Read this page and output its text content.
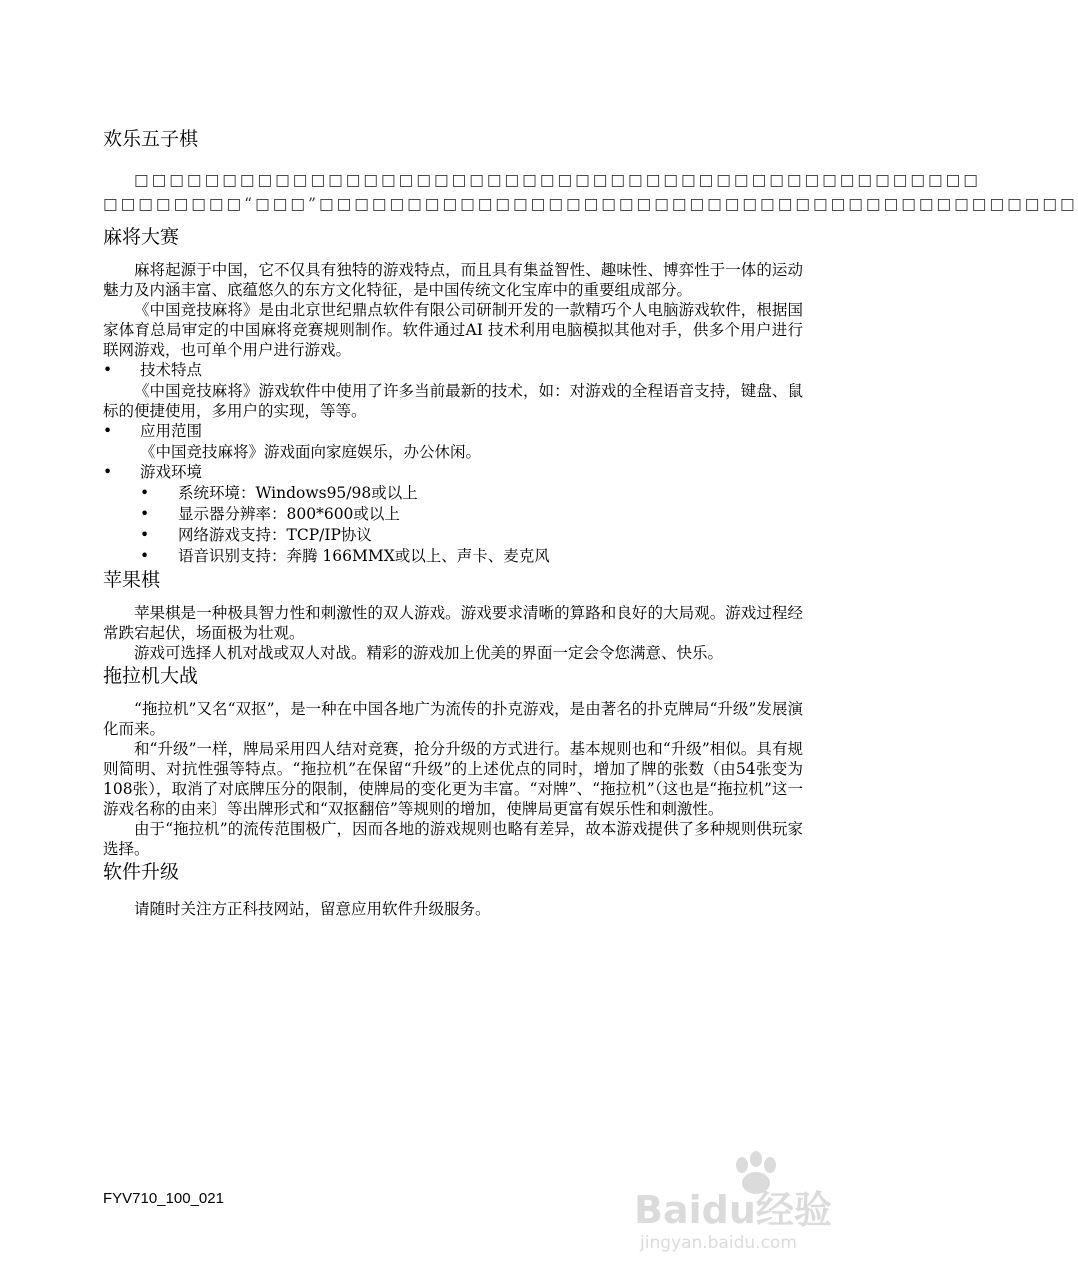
欢乐五子棋

□□□□□□□□□□□□□□□□□□□□□□□□□□□□□□□□□□□□□□□□□□□□□□□□

□□□□□□□□“□□□”□□□□□□□□□□□□□□□□□□□□□□□□□□□□□□□□□□□□□□□□□□□

麻将大赛

麻将起源于中国，它不仅具有独特的游戏特点，而且具有集益智性、趣味性、博弈性于一体的运动魅力及内涵丰富、底蕴悠久的东方文化特征，是中国传统文化宝库中的重要组成部分。

《中国竞技麻将》是由北京世纪鼎点软件有限公司研制开发的一款精巧个人电脑游戏软件，根据国家体育总局审定的中国麻将竞赛规则制作。软件通过AI 技术利用电脑模拟其他对手，供多个用户进行联网游戏，也可单个用户进行游戏。

• 技术特点

《中国竞技麻将》游戏软件中使用了许多当前最新的技术，如：对游戏的全程语音支持，键盘、鼠标的便捷使用，多用户的实现，等等。

• 应用范围

《中国竞技麻将》游戏面向家庭娱乐，办公休闲。

• 游戏环境
• 系统环境：Windows95/98或以上
• 显示器分辨率：800*600或以上
• 网络游戏支持：TCP/IP协议
• 语音识别支持：奔腾 166MMX或以上、声卡、麦克风
苹果棋

苹果棋是一种极具智力性和刺激性的双人游戏。游戏要求清晰的算路和良好的大局观。游戏过程经常跌宕起伏，场面极为壮观。

游戏可选择人机对战或双人对战。精彩的游戏加上优美的界面一定会令您满意、快乐。

拖拉机大战

“拖拉机”又名“双抠”，是一种在中国各地广为流传的扑克游戏，是由著名的扑克牌局“升级”发展演化而来。

和“升级”一样，牌局采用四人结对竞赛，抢分升级的方式进行。基本规则也和“升级”相似。具有规则简明、对抗性强等特点。“拖拉机”在保留“升级”的上述优点的同时，增加了牌的张数（由54张变为108张），取消了对底牌压分的限制，使牌局的变化更为丰富。“对牌”、“拖拉机”（这也是“拖拉机”这一游戏名称的由来〕等出牌形式和“双抠翻倍”等规则的增加，使牌局更富有娱乐性和刺激性。

由于“拖拉机”的流传范围极广，因而各地的游戏规则也略有差异，故本游戏提供了多种规则供玩家选择。

软件升级

请随时关注方正科技网站，留意应用软件升级服务。

FYV710_100_021	Baidu经验
jingyan.baidu.com
